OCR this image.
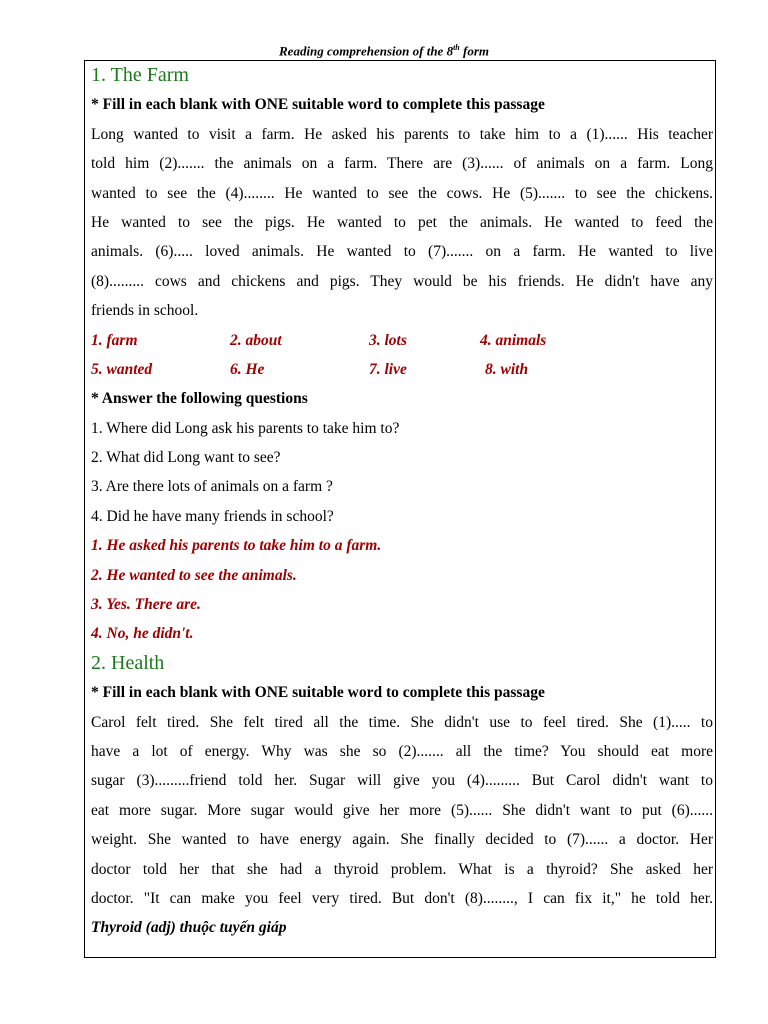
Reading comprehension of the 8th form
1. The Farm
* Fill in each blank with ONE suitable word to complete this passage
Long wanted to visit a farm. He asked his parents to take him to a (1)...... His teacher
told him (2)....... the animals on a farm. There are (3)...... of animals on a farm. Long
wanted to see the (4)........ He wanted to see the cows. He (5)....... to see the chickens.
He wanted to see the pigs. He wanted to pet the animals. He wanted to feed the
animals. (6)..... loved animals. He wanted to (7)....... on a farm. He wanted to live
(8)......... cows and chickens and pigs. They would be his friends. He didn't have any
friends in school.
1. farm	2. about	3. lots	4. animals
5. wanted	6. He	7. live	8. with
* Answer the following questions
1. Where did Long ask his parents to take him to?
2. What did Long want to see?
3. Are there lots of animals on a farm ?
4. Did he have many friends in school?
1. He asked his parents to take him to a farm.
2. He wanted to see the animals.
3. Yes. There are.
4. No, he didn't.
2. Health
* Fill in each blank with ONE suitable word to complete this passage
Carol felt tired. She felt tired all the time. She didn't use to feel tired. She (1)..... to
have a lot of energy. Why was she so (2)....... all the time? You should eat more
sugar (3).........friend told her. Sugar will give you (4)......... But Carol didn't want to
eat more sugar. More sugar would give her more (5)...... She didn't want to put (6)......
weight. She wanted to have energy again. She finally decided to (7)...... a doctor. Her
doctor told her that she had a thyroid problem. What is a thyroid? She asked her
doctor. "It can make you feel very tired. But don't (8)........, I can fix it," he told her.
Thyroid (adj) thuộc tuyến giáp
